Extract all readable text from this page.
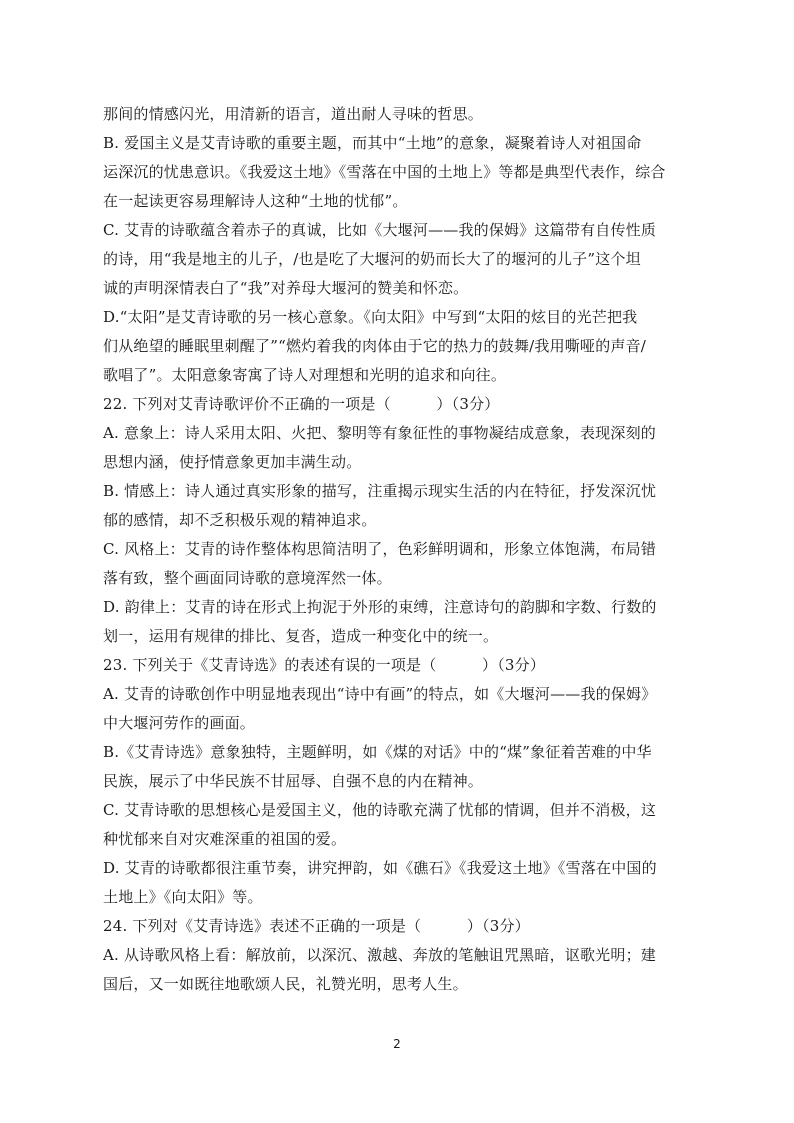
那间的情感闪光，用清新的语言，道出耐人寻味的哲思。
B. 爱国主义是艾青诗歌的重要主题，而其中“土地”的意象，凝聚着诗人对祖国命
运深沉的忧患意识。《我爱这土地》《雪落在中国的土地上》等都是典型代表作，综合
在一起读更容易理解诗人这种“土地的忧郁”。
C. 艾青的诗歌蕴含着赤子的真诚，比如《大堰河——我的保姆》这篇带有自传性质
的诗，用“我是地主的儿子，/也是吃了大堰河的奶而长大了的堰河的儿子”这个坦
诚的声明深情表白了“我”对养母大堰河的赞美和怀恋。
D.“太阳”是艾青诗歌的另一核心意象。《向太阳》中写到“太阳的炫目的光芒把我
们从绝望的睡眠里刺醒了”“燃灼着我的肉体由于它的热力的鼓舞/我用嘶哑的声音/
歌唱了”。太阳意象寄寓了诗人对理想和光明的追求和向往。
22. 下列对艾青诗歌评价不正确的一项是（　　　）（3分）
A. 意象上：诗人采用太阳、火把、黎明等有象征性的事物凝结成意象，表现深刻的
思想内涵，使抒情意象更加丰满生动。
B. 情感上：诗人通过真实形象的描写，注重揭示现实生活的内在特征，抒发深沉忧
郁的感情，却不乏积极乐观的精神追求。
C. 风格上：艾青的诗作整体构思简洁明了，色彩鲜明调和，形象立体饱满，布局错
落有致，整个画面同诗歌的意境浑然一体。
D. 韵律上：艾青的诗在形式上拘泥于外形的束缚，注意诗句的韵脚和字数、行数的
划一，运用有规律的排比、复沓，造成一种变化中的统一。
23. 下列关于《艾青诗选》的表述有误的一项是（　　　）（3分）
A. 艾青的诗歌创作中明显地表现出“诗中有画”的特点，如《大堰河——我的保姆》
中大堰河劳作的画面。
B.《艾青诗选》意象独特，主题鲜明，如《煤的对话》中的“煤”象征着苦难的中华
民族，展示了中华民族不甘屈辱、自强不息的内在精神。
C. 艾青诗歌的思想核心是爱国主义，他的诗歌充满了忧郁的情调，但并不消极，这
种忧郁来自对灾难深重的祖国的爱。
D. 艾青的诗歌都很注重节奏，讲究押韵，如《礁石》《我爱这土地》《雪落在中国的
土地上》《向太阳》等。
24. 下列对《艾青诗选》表述不正确的一项是（　　　）（3分）
A. 从诗歌风格上看：解放前，以深沉、激越、奔放的笔触诅咒黑暗，讴歌光明；建
国后，又一如既往地歌颂人民，礼赞光明，思考人生。
2
